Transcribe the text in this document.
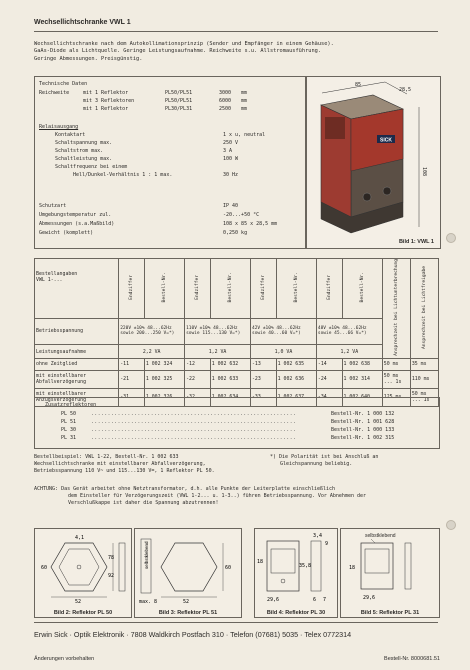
Wechsellichtschranke VWL 1
Wechsellichtschranke nach dem Autokollimationsprinzip (Sender und Empfänger in einem Gehäuse).
GaAs-Diode als Lichtquelle. Geringe Leistungsaufnahme. Reichweite s.u. Allstromausführung.
Geringe Abmessungen. Preisgünstig.
Technische Daten
Reichweite	mit 1 Reflektor	PL50/PL51	3000 mm
mit 3 Reflektoren	PL50/PL51	6000 mm
mit 1 Reflektor	PL30/PL31	2500 mm
Relaisausgang
Kontaktart	1 x u, neutral
Schaltspannung max.	250 V
Schaltstrom max.	3 A
Schaltleistung max.	100 W
Schaltfrequenz bei einem
Hell/Dunkel-Verhältnis 1 : 1 max.	30 Hz
Schutzart	IP 40
Umgebungstemperatur zul.	-20...+50 °C
Abmessungen (s.a.Maßbild)	108 x 85 x 28,5 mm
Gewicht (komplett)	0,250 kg
SICK
85
28,5
108
Bild 1: VWL 1
Bestellangaben
VWL 1-...	Endziffer	Bestell-Nr.	Endziffer	Bestell-Nr.	Endziffer	Bestell-Nr.	Endziffer	Bestell-Nr.	Ansprechzeit bei Lichtunterbrechung	Ansprechzeit bei Lichtfreigabe
Betriebsspannung	220V ±10% 48...62Hz sowie 200...250 V=*)		110V ±10% 48...62Hz sowie 115...130 V=*)		42V ±10% 48...62Hz sowie 40...60 V=*)		48V ±10% 48...62Hz sowie 45...66 V=*)			
Leistungsaufnahme	2,2 VA		1,2 VA		1,0 VA		1,2 VA			
ohne Zeitglied	-11	1 002 324	-12	1 002 632	-13	1 002 635	-14	1 002 638	50 ms	35 ms
mit einstellbarer Abfallverzögerung	-21	1 002 325	-22	1 002 633	-23	1 002 636	-24	1 002 314	50 ms ... 1s	110 ms
mit einstellbarer Anzugsverzögerung	-31	1 002 326	-32	1 002 634	-33	1 002 637	-34	1 002 640	125 ms	50 ms ... 1s
Zusatzreflektoren
PL 50	..............................................................	Bestell-Nr. 1 000 132
PL 51	..............................................................	Bestell-Nr. 1 001 628
PL 30	..............................................................	Bestell-Nr. 1 000 133
PL 31	..............................................................	Bestell-Nr. 1 002 315
Bestellbeispiel: VWL 1-22, Bestell-Nr. 1 002 633
Wechsellichtschranke mit einstellbarer Abfallverzögerung,
Betriebsspannung 110 V~ und 115...130 V=, 1 Reflektor PL 50.
*) Die Polarität ist bei Anschluß an
Gleichspannung beliebig.
ACHTUNG: Das Gerät arbeitet ohne Netztransformator, d.h. alle Punkte der Leiterplatte einschließlich
dem Einsteller für Verzögerungszeit (VWL 1-2... u. 1-3..) führen Betriebsspannung. Vor Abnehmen der
Verschlußkappe ist daher die Spannung abzutrennen!
52
60
78
92
4,1
Bild 2: Reflektor PL 50
selbstklebend
52
60
max. 8
Bild 3: Reflektor PL 51
3,4
9
29,6
18
35,8
6 7
Bild 4: Reflektor PL 30
selbstklebend
29,6
18
Bild 5: Reflektor PL 31
Erwin Sick · Optik Elektronik · 7808 Waldkirch Postfach 310 · Telefon (07681) 5035 · Telex 0772314
Änderungen vorbehalten	Bestell-Nr. 8000681.51
